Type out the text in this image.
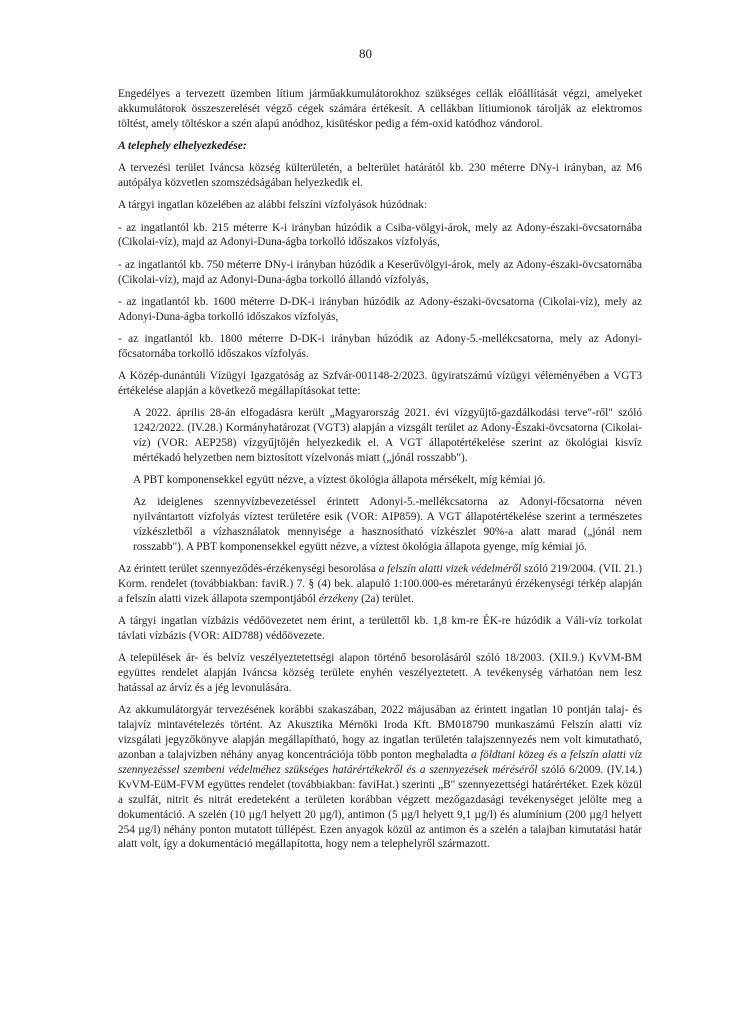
80

Engedélyes a tervezett üzemben lítium járműakkumulátorokhoz szükséges cellák előállítását végzi, amelyeket akkumulátorok összeszerelését végző cégek számára értékesít. A cellákban lítiumionok tárolják az elektromos töltést, amely töltéskor a szén alapú anódhoz, kisütéskor pedig a fém-oxid katódhoz vándorol.

A telephely elhelyezkedése:

A tervezési terület Iváncsa község külterületén, a belterület határától kb. 230 méterre DNy-i irányban, az M6 autópálya közvetlen szomszédságában helyezkedik el.

A tárgyi ingatlan közelében az alábbi felszíni vízfolyások húzódnak:

- az ingatlantól kb. 215 méterre K-i irányban húzódik a Csiba-völgyi-árok, mely az Adony-északi-övcsatornába (Cikolai-víz), majd az Adonyi-Duna-ágba torkolló időszakos vízfolyás,

- az ingatlantól kb. 750 méterre DNy-i irányban húzódik a Keserűvölgyi-árok, mely az Adony-északi-övcsatornába (Cikolai-víz), majd az Adonyi-Duna-ágba torkolló állandó vízfolyás,

- az ingatlantól kb. 1600 méterre D-DK-i irányban húzódik az Adony-északi-övcsatorna (Cikolai-víz), mely az Adonyi-Duna-ágba torkolló időszakos vízfolyás,

- az ingatlantól kb. 1800 méterre D-DK-i irányban húzódik az Adony-5.-mellékcsatorna, mely az Adonyi-főcsatornába torkolló időszakos vízfolyás.

A Közép-dunántúli Vízügyi Igazgatóság az Szfvár-001148-2/2023. ügyiratszámú vízügyi véleményében a VGT3 értékelése alapján a következő megállapításokat tette:

A 2022. április 28-án elfogadásra került „Magyarország 2021. évi vízgyűjtő-gazdálkodási terve"-ről" szóló 1242/2022. (IV.28.) Kormányhatározat (VGT3) alapján a vizsgált terület az Adony-Északi-övcsatorna (Cikolai-víz) (VOR: AEP258) vízgyűjtőjén helyezkedik el. A VGT állapotértékelése szerint az ökológiai kisvíz mértékadó helyzetben nem biztosított vízelvonás miatt („jónál rosszabb").

A PBT komponensekkel együtt nézve, a víztest ökológia állapota mérsékelt, míg kémiai jó.

Az ideiglenes szennyvízbevezetéssel érintett Adonyi-5.-mellékcsatorna az Adonyi-főcsatorna néven nyilvántartott vízfolyás víztest területére esik (VOR: AIP859). A VGT állapotértékelése szerint a természetes vízkészletből a vízhasználatok mennyisége a hasznosítható vízkészlet 90%-a alatt marad („jónál nem rosszabb"). A PBT komponensekkel együtt nézve, a víztest ökológia állapota gyenge, míg kémiai jó.

Az érintett terület szennyeződés-érzékenységi besorolása a felszín alatti vizek védelméről szóló 219/2004. (VII. 21.) Korm. rendelet (továbbiakban: faviR.) 7. § (4) bek. alapuló 1:100.000-es méretarányú érzékenységi térkép alapján a felszín alatti vizek állapota szempontjából érzékeny (2a) terület.

A tárgyi ingatlan vízbázis védőövezetet nem érint, a területtől kb. 1,8 km-re ÉK-re húzódik a Váli-víz torkolat távlati vízbázis (VOR: AID788) védőövezete.

A települések ár- és belvíz veszélyeztetettségi alapon történő besorolásáról szóló 18/2003. (XII.9.) KvVM-BM együttes rendelet alapján Iváncsa község területe enyhén veszélyeztetett. A tevékenység várhatóan nem lesz hatással az árvíz és a jég levonulására.

Az akkumulátorgyár tervezésének korábbi szakaszában, 2022 májusában az érintett ingatlan 10 pontján talaj- és talajvíz mintavételezés történt. Az Akusztika Mérnöki Iroda Kft. BM018790 munkaszámú Felszín alatti víz vizsgálati jegyzőkönyve alapján megállapítható, hogy az ingatlan területén talajszennyezés nem volt kimutatható, azonban a talajvízben néhány anyag koncentrációja több ponton meghaladta a földtani közeg és a felszín alatti víz szennyezéssel szembeni védelméhez szükséges határértékekről és a szennyezések méréséről szóló 6/2009. (IV.14.) KvVM-EüM-FVM együttes rendelet (továbbiakban: faviHat.) szerinti „B" szennyezettségi határértéket. Ezek közül a szulfát, nitrit és nitrát eredeteként a területen korábban végzett mezőgazdasági tevékenységet jelölte meg a dokumentáció. A szelén (10 µg/l helyett 20 µg/l), antimon (5 µg/l helyett 9,1 µg/l) és alumínium (200 µg/l helyett 254 µg/l) néhány ponton mutatott túllépést. Ezen anyagok közül az antimon és a szelén a talajban kimutatási határ alatt volt, így a dokumentáció megállapította, hogy nem a telephelyről származott.
